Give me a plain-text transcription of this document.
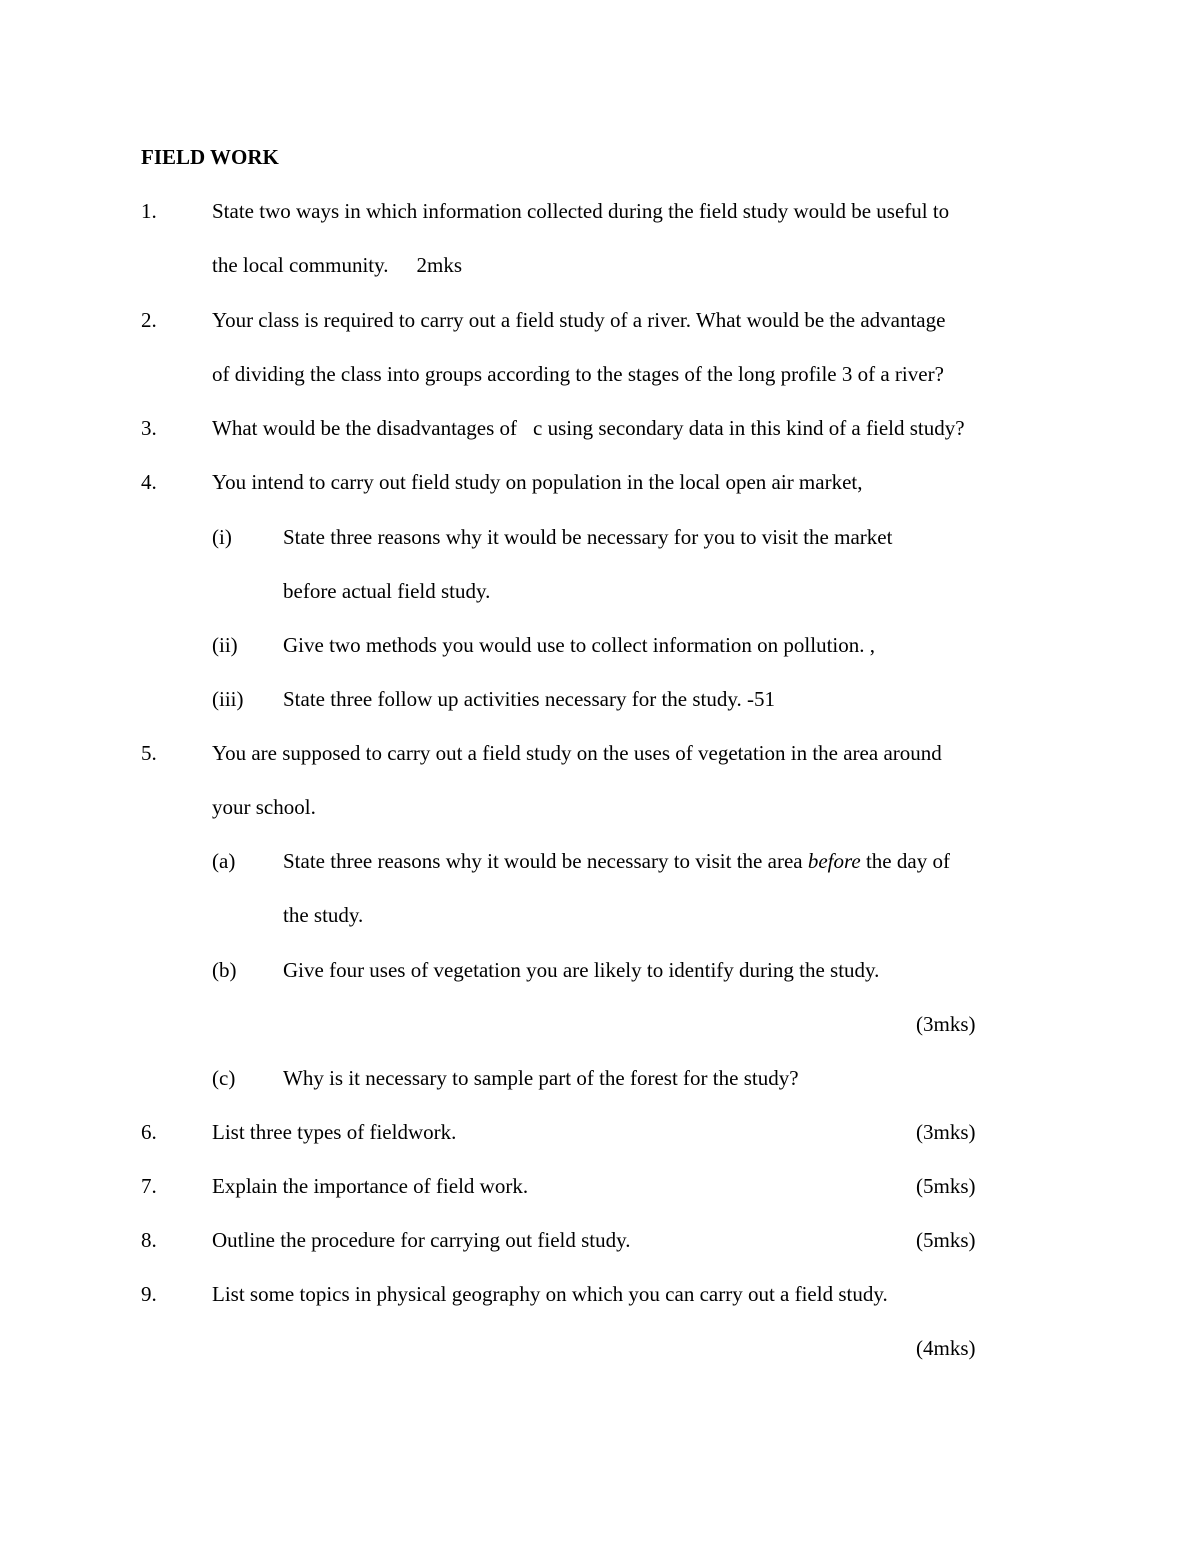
FIELD WORK
1.	State two ways in which information collected during the field study would be useful to
the local community. 2mks
2.	Your class is required to carry out a field study of a river. What would be the advantage
of dividing the class into groups according to the stages of the long profile 3 of a river?
3.	What would be the disadvantages of c using secondary data in this kind of a field study?
4.	You intend to carry out field study on population in the local open air market,
(i) State three reasons why it would be necessary for you to visit the market
before actual field study.
(ii) Give two methods you would use to collect information on pollution. ,
(iii) State three follow up activities necessary for the study. -51
5.	You are supposed to carry out a field study on the uses of vegetation in the area around
your school.
(a) State three reasons why it would be necessary to visit the area before the day of
the study.
(b) Give four uses of vegetation you are likely to identify during the study.
(3mks)
(c) Why is it necessary to sample part of the forest for the study?
6.	List three types of fieldwork.	(3mks)
7.	Explain the importance of field work.	(5mks)
8.	Outline the procedure for carrying out field study.	(5mks)
9.	List some topics in physical geography on which you can carry out a field study.
(4mks)
